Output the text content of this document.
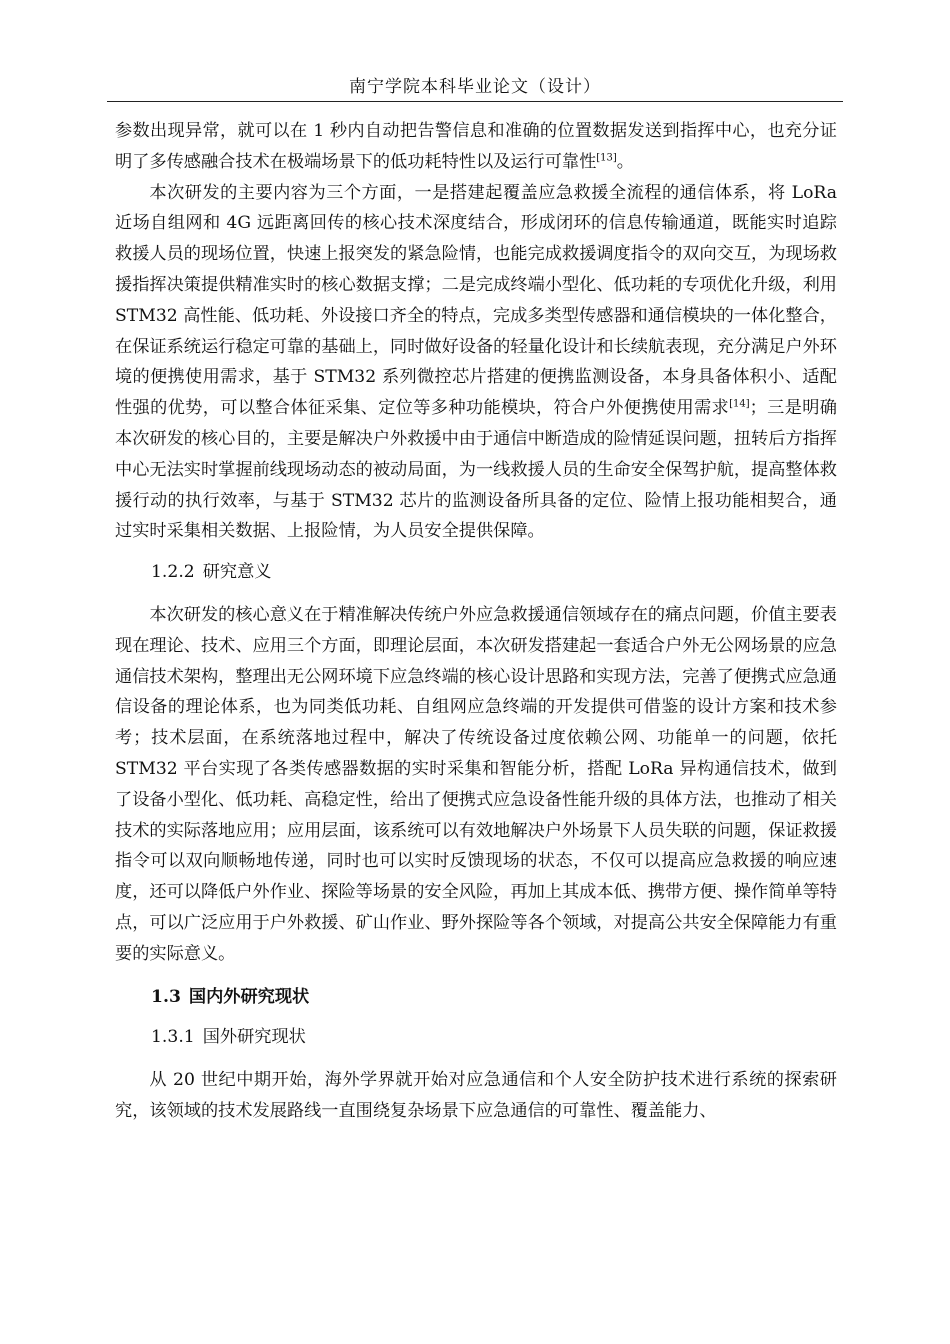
南宁学院本科毕业论文（设计）

参数出现异常，就可以在 1 秒内自动把告警信息和准确的位置数据发送到指挥中心，也充分证明了多传感融合技术在极端场景下的低功耗特性以及运行可靠性[13]。

本次研发的主要内容为三个方面，一是搭建起覆盖应急救援全流程的通信体系，将 LoRa 近场自组网和 4G 远距离回传的核心技术深度结合，形成闭环的信息传输通道，既能实时追踪救援人员的现场位置，快速上报突发的紧急险情，也能完成救援调度指令的双向交互，为现场救援指挥决策提供精准实时的核心数据支撑；二是完成终端小型化、低功耗的专项优化升级，利用 STM32 高性能、低功耗、外设接口齐全的特点，完成多类型传感器和通信模块的一体化整合，在保证系统运行稳定可靠的基础上，同时做好设备的轻量化设计和长续航表现，充分满足户外环境的便携使用需求，基于 STM32 系列微控芯片搭建的便携监测设备，本身具备体积小、适配性强的优势，可以整合体征采集、定位等多种功能模块，符合户外便携使用需求[14]；三是明确本次研发的核心目的，主要是解决户外救援中由于通信中断造成的险情延误问题，扭转后方指挥中心无法实时掌握前线现场动态的被动局面，为一线救援人员的生命安全保驾护航，提高整体救援行动的执行效率，与基于 STM32 芯片的监测设备所具备的定位、险情上报功能相契合，通过实时采集相关数据、上报险情，为人员安全提供保障。

1.2.2 研究意义

本次研发的核心意义在于精准解决传统户外应急救援通信领域存在的痛点问题，价值主要表现在理论、技术、应用三个方面，即理论层面，本次研发搭建起一套适合户外无公网场景的应急通信技术架构，整理出无公网环境下应急终端的核心设计思路和实现方法，完善了便携式应急通信设备的理论体系，也为同类低功耗、自组网应急终端的开发提供可借鉴的设计方案和技术参考；技术层面，在系统落地过程中，解决了传统设备过度依赖公网、功能单一的问题，依托 STM32 平台实现了各类传感器数据的实时采集和智能分析，搭配 LoRa 异构通信技术，做到了设备小型化、低功耗、高稳定性，给出了便携式应急设备性能升级的具体方法，也推动了相关技术的实际落地应用；应用层面，该系统可以有效地解决户外场景下人员失联的问题，保证救援指令可以双向顺畅地传递，同时也可以实时反馈现场的状态，不仅可以提高应急救援的响应速度，还可以降低户外作业、探险等场景的安全风险，再加上其成本低、携带方便、操作简单等特点，可以广泛应用于户外救援、矿山作业、野外探险等各个领域，对提高公共安全保障能力有重要的实际意义。

1.3 国内外研究现状

1.3.1 国外研究现状

从 20 世纪中期开始，海外学界就开始对应急通信和个人安全防护技术进行系统的探索研究，该领域的技术发展路线一直围绕复杂场景下应急通信的可靠性、覆盖能力、
